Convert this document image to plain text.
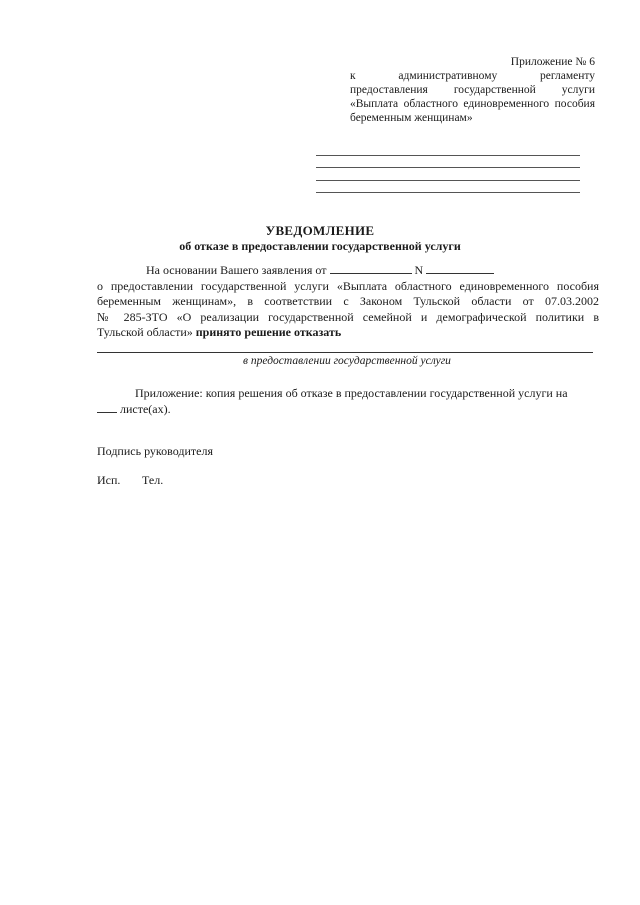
Приложение № 6
к	административному	регламенту
предоставления государственной услуги
«Выплата областного единовременного пособия
беременным женщинам»
УВЕДОМЛЕНИЕ
об отказе в предоставлении государственной услуги
На основании Вашего заявления от	N
о предоставлении государственной услуги «Выплата областного единовременного пособия
беременным женщинам», в соответствии с Законом Тульской области от 07.03.2002
№ 285-ЗТО «О реализации государственной семейной и демографической политики в
Тульской области» принято решение отказать
в предоставлении государственной услуги
Приложение: копия решения об отказе в предоставлении государственной услуги на
листе(ах).
Подпись руководителя
Исп. Тел.
